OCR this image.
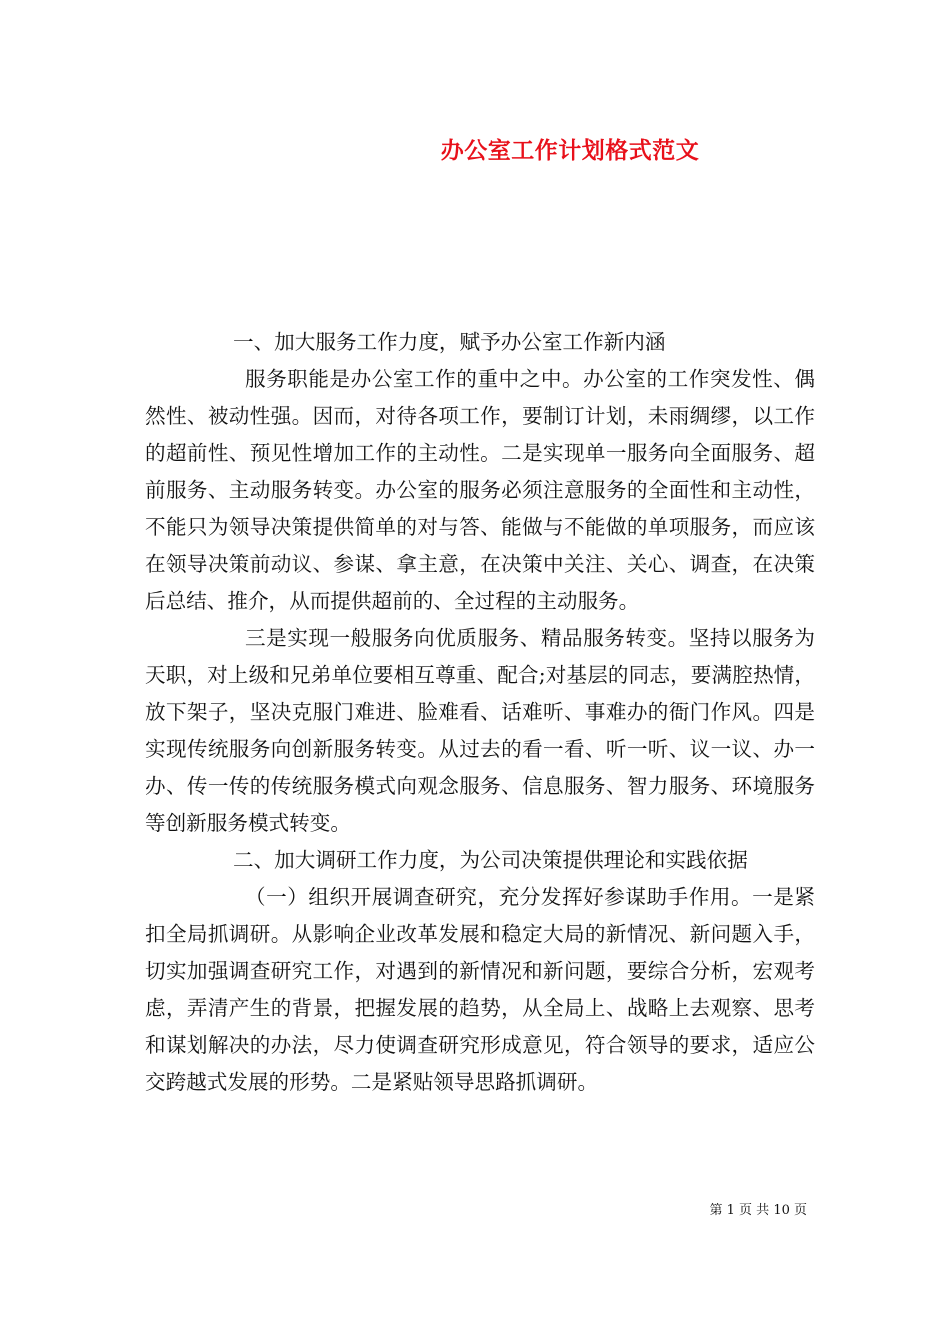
办公室工作计划格式范文

一、加大服务工作力度，赋予办公室工作新内涵

服务职能是办公室工作的重中之中。办公室的工作突发性、偶然性、被动性强。因而，对待各项工作，要制订计划，未雨绸缪，以工作的超前性、预见性增加工作的主动性。二是实现单一服务向全面服务、超前服务、主动服务转变。办公室的服务必须注意服务的全面性和主动性，不能只为领导决策提供简单的对与答、能做与不能做的单项服务，而应该在领导决策前动议、参谋、拿主意，在决策中关注、关心、调查，在决策后总结、推介，从而提供超前的、全过程的主动服务。

三是实现一般服务向优质服务、精品服务转变。坚持以服务为天职，对上级和兄弟单位要相互尊重、配合;对基层的同志，要满腔热情，放下架子，坚决克服门难进、脸难看、话难听、事难办的衙门作风。四是实现传统服务向创新服务转变。从过去的看一看、听一听、议一议、办一办、传一传的传统服务模式向观念服务、信息服务、智力服务、环境服务等创新服务模式转变。

二、加大调研工作力度，为公司决策提供理论和实践依据

（一）组织开展调查研究，充分发挥好参谋助手作用。一是紧扣全局抓调研。从影响企业改革发展和稳定大局的新情况、新问题入手，切实加强调查研究工作，对遇到的新情况和新问题，要综合分析，宏观考虑，弄清产生的背景，把握发展的趋势，从全局上、战略上去观察、思考和谋划解决的办法，尽力使调查研究形成意见，符合领导的要求，适应公交跨越式发展的形势。二是紧贴领导思路抓调研。

第 1 页 共 10 页
